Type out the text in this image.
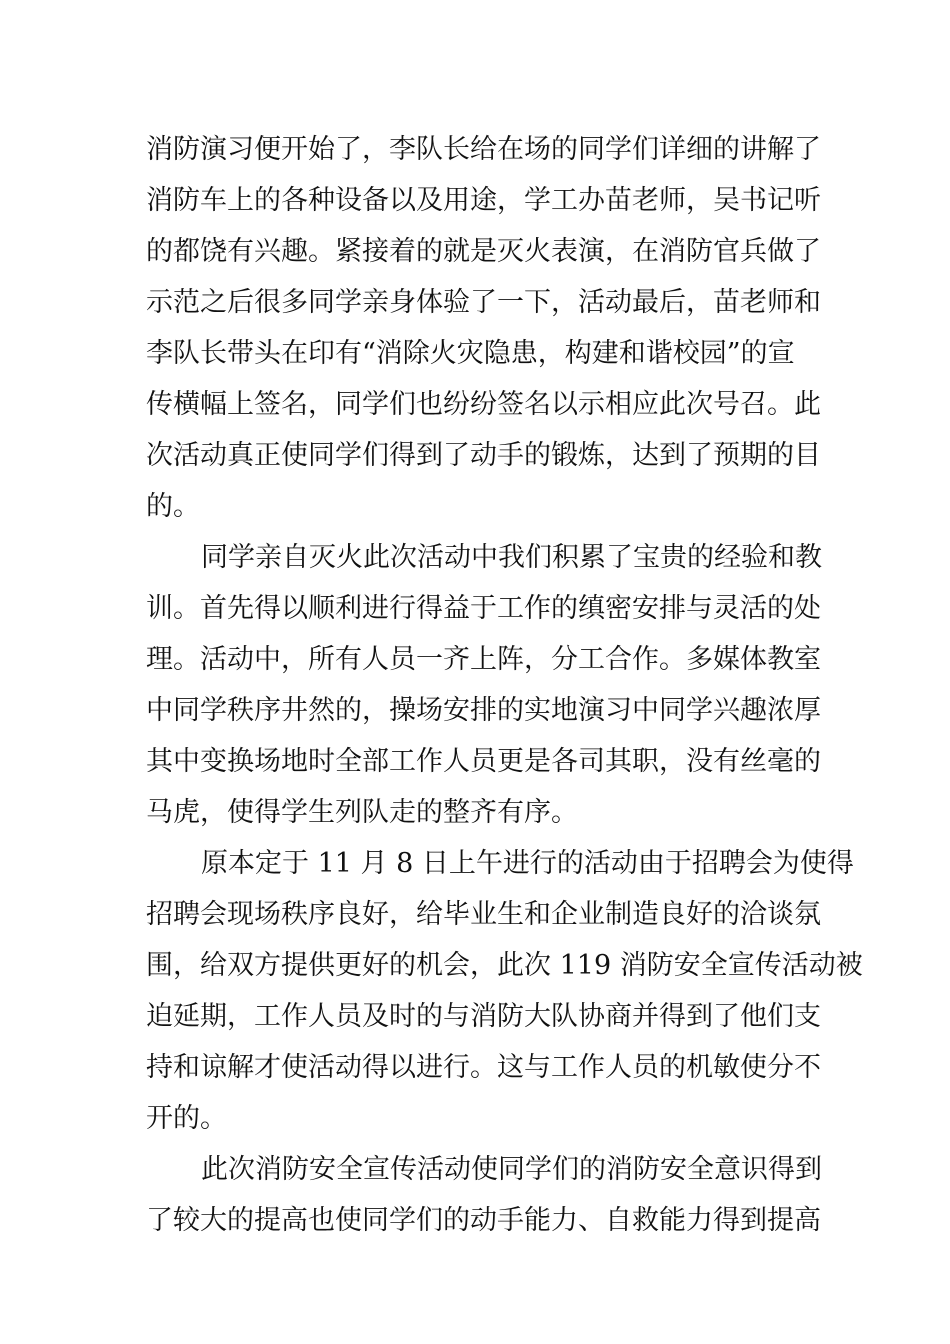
消防演习便开始了，李队长给在场的同学们详细的讲解了
消防车上的各种设备以及用途，学工办苗老师，吴书记听
的都饶有兴趣。紧接着的就是灭火表演，在消防官兵做了
示范之后很多同学亲身体验了一下，活动最后，苗老师和
李队长带头在印有“消除火灾隐患，构建和谐校园”的宣
传横幅上签名，同学们也纷纷签名以示相应此次号召。此
次活动真正使同学们得到了动手的锻炼，达到了预期的目
的。
同学亲自灭火此次活动中我们积累了宝贵的经验和教
训。首先得以顺利进行得益于工作的缜密安排与灵活的处
理。活动中，所有人员一齐上阵，分工合作。多媒体教室
中同学秩序井然的，操场安排的实地演习中同学兴趣浓厚
其中变换场地时全部工作人员更是各司其职，没有丝毫的
马虎，使得学生列队走的整齐有序。
原本定于 11 月 8 日上午进行的活动由于招聘会为使得
招聘会现场秩序良好，给毕业生和企业制造良好的洽谈氛
围，给双方提供更好的机会，此次 119 消防安全宣传活动被
迫延期，工作人员及时的与消防大队协商并得到了他们支
持和谅解才使活动得以进行。这与工作人员的机敏使分不
开的。
此次消防安全宣传活动使同学们的消防安全意识得到
了较大的提高也使同学们的动手能力、自救能力得到提高
